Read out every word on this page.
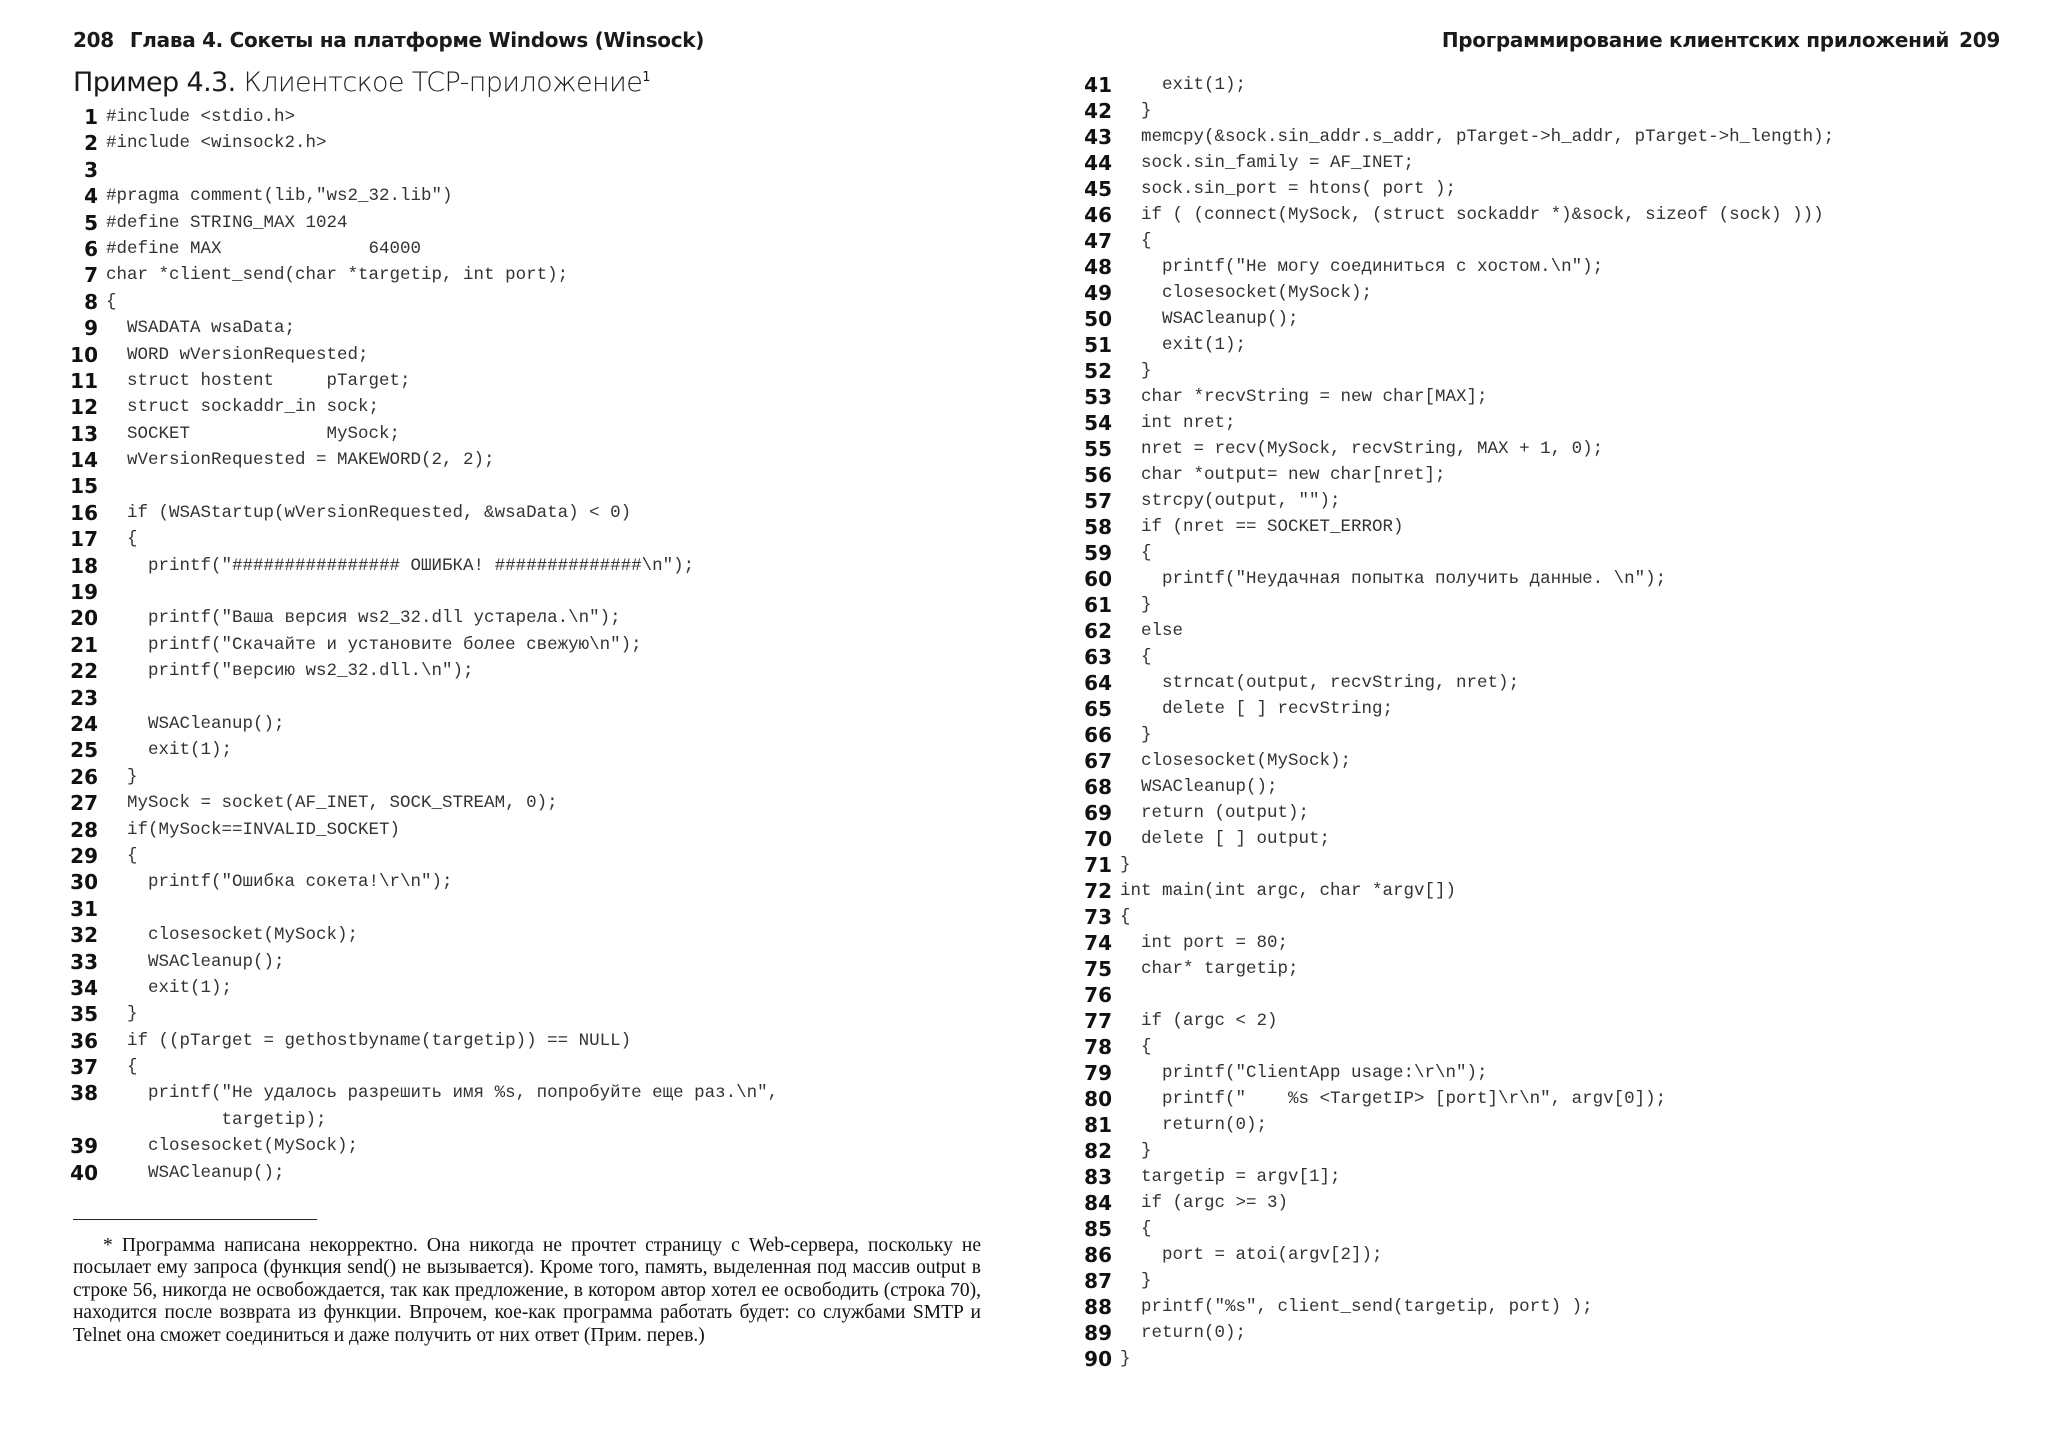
208 Глава 4. Сокеты на платформе Windows (Winsock)
Пример 4.3. Клиентское TCP-приложение$^1$
1 #include <stdio.h>
2 #include <winsock2.h>
3
4 #pragma comment(lib,"ws2_32.lib")
5 #define STRING_MAX 1024
6 #define MAX              64000
7 char *client_send(char *targetip, int port);
8 {
9  WSADATA wsaData;
10  WORD wVersionRequested;
11  struct hostent     pTarget;
12  struct sockaddr_in sock;
13  SOCKET             MySock;
14  wVersionRequested = MAKEWORD(2, 2);
15
16  if (WSAStartup(wVersionRequested, &wsaData) < 0)
17  {
18    printf("################ ОШИБКА! ##############\n");
19
20    printf("Ваша версия ws2_32.dll устарела.\n");
21    printf("Скачайте и установите более свежую\n");
22    printf("версию ws2_32.dll.\n");
23
24    WSACleanup();
25    exit(1);
26  }
27  MySock = socket(AF_INET, SOCK_STREAM, 0);
28  if(MySock==INVALID_SOCKET)
29  {
30    printf("Ошибка сокета!\r\n");
31
32    closesocket(MySock);
33    WSACleanup();
34    exit(1);
35  }
36  if ((pTarget = gethostbyname(targetip)) == NULL)
37  {
38	printf("Не удалось разрешить имя %s, попробуйте еще раз.\n",
targetip);
39    closesocket(MySock);
40    WSACleanup();
* Программа написана некорректно. Она никогда не прочтет страницу с Web-сервера, поскольку не посылает ему запроса (функция send() не вызывается). Кроме того, память, выделенная под массив output в строке 56, никогда не освобождается, так как предложение, в котором автор хотел ее освободить (строка 70), находится после возврата из функции. Впрочем, кое-как программа работать будет: со службами SMTP и Telnet она сможет соединиться и даже получить от них ответ (Прим. перев.)
Программирование клиентских приложений 209
41    exit(1);
42  }
43  memcpy(&sock.sin_addr.s_addr, pTarget->h_addr, pTarget->h_length);
44  sock.sin_family = AF_INET;
45  sock.sin_port = htons( port );
46  if ( (connect(MySock, (struct sockaddr *)&sock, sizeof (sock) )))
47  {
48    printf("Не могу соединиться с хостом.\n");
49    closesocket(MySock);
50    WSACleanup();
51    exit(1);
52  }
53  char *recvString = new char[MAX];
54  int nret;
55  nret = recv(MySock, recvString, MAX + 1, 0);
56  char *output= new char[nret];
57  strcpy(output, "");
58  if (nret == SOCKET_ERROR)
59  {
60    printf("Неудачная попытка получить данные. \n");
61  }
62  else
63  {
64    strncat(output, recvString, nret);
65    delete [ ] recvString;
66  }
67  closesocket(MySock);
68  WSACleanup();
69  return (output);
70  delete [ ] output;
71 }
72 int main(int argc, char *argv[])
73 {
74  int port = 80;
75  char* targetip;
76
77  if (argc < 2)
78  {
79    printf("ClientApp usage:\r\n");
80    printf("    %s <TargetIP> [port]\r\n", argv[0]);
81    return(0);
82  }
83  targetip = argv[1];
84  if (argc >= 3)
85  {
86    port = atoi(argv[2]);
87  }
88  printf("%s", client_send(targetip, port) );
89  return(0);
90 }
